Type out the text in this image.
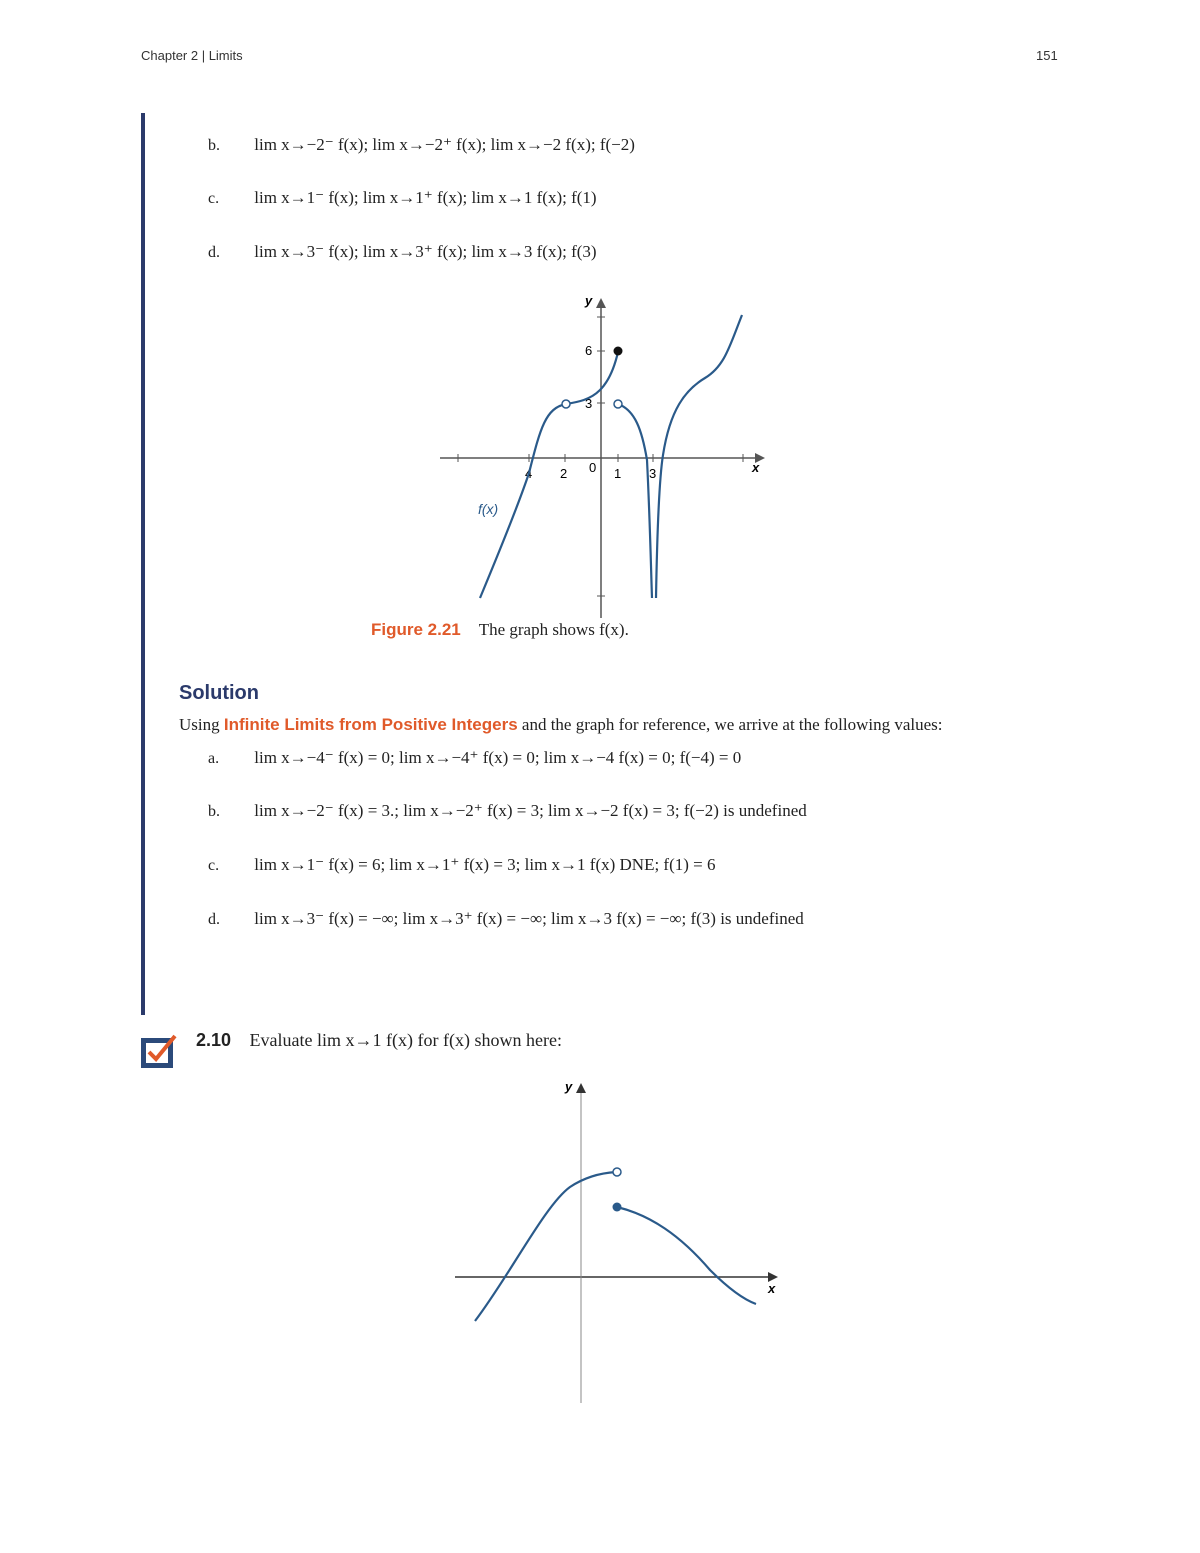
Chapter 2 | Limits	151
b. lim x→−2⁻ f(x); lim x→−2⁺ f(x); lim x→−2 f(x); f(−2)
c. lim x→1⁻ f(x); lim x→1⁺ f(x); lim x→1 f(x); f(1)
d. lim x→3⁻ f(x); lim x→3⁺ f(x); lim x→3 f(x); f(3)
y
x
4 2 0 1 3
6
3
f(x)
Figure 2.21 The graph shows f(x).
Solution
Using Infinite Limits from Positive Integers and the graph for reference, we arrive at the following values:
a. lim x→−4⁻ f(x) = 0; lim x→−4⁺ f(x) = 0; lim x→−4 f(x) = 0; f(−4) = 0
b. lim x→−2⁻ f(x) = 3.; lim x→−2⁺ f(x) = 3; lim x→−2 f(x) = 3; f(−2) is undefined
c. lim x→1⁻ f(x) = 6; lim x→1⁺ f(x) = 3; lim x→1 f(x) DNE; f(1) = 6
d. lim x→3⁻ f(x) = −∞; lim x→3⁺ f(x) = −∞; lim x→3 f(x) = −∞; f(3) is undefined
2.10 Evaluate lim x→1 f(x) for f(x) shown here:
y
x
